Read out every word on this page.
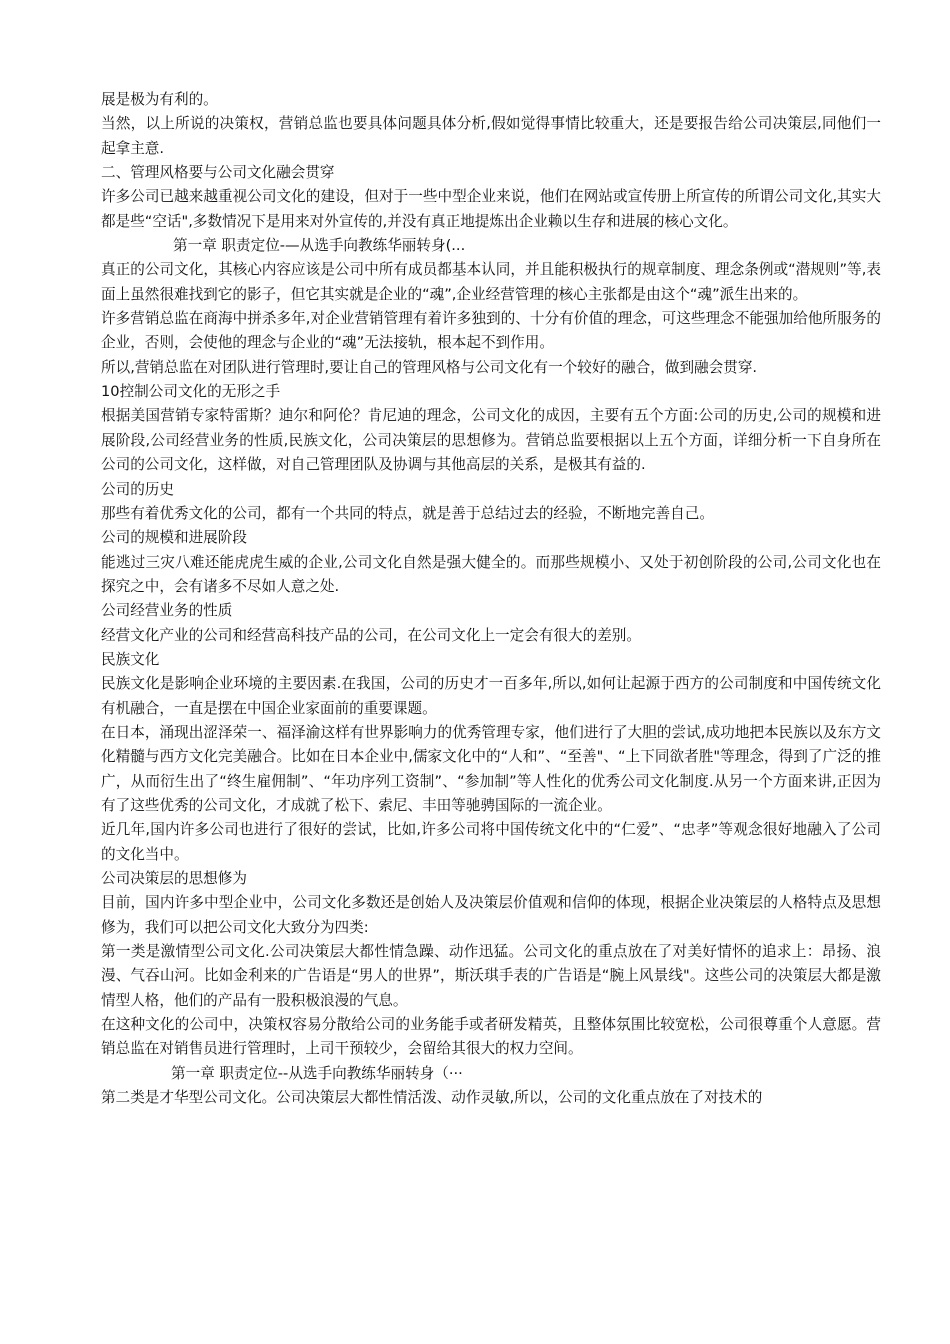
展是极为有利的。

当然，以上所说的决策权，营销总监也要具体问题具体分析,假如觉得事情比较重大，还是要报告给公司决策层,同他们一起拿主意.

二、管理风格要与公司文化融会贯穿

许多公司已越来越重视公司文化的建设，但对于一些中型企业来说，他们在网站或宣传册上所宣传的所谓公司文化,其实大都是些“空话",多数情况下是用来对外宣传的,并没有真正地提炼出企业赖以生存和进展的核心文化。

第一章 职责定位-—从选手向教练华丽转身(...

真正的公司文化，其核心内容应该是公司中所有成员都基本认同，并且能积极执行的规章制度、理念条例或“潜规则”等,表面上虽然很难找到它的影子，但它其实就是企业的“魂”,企业经营管理的核心主张都是由这个“魂”派生出来的。

许多营销总监在商海中拼杀多年,对企业营销管理有着许多独到的、十分有价值的理念，可这些理念不能强加给他所服务的企业，否则，会使他的理念与企业的“魂”无法接轨，根本起不到作用。

所以,营销总监在对团队进行管理时,要让自己的管理风格与公司文化有一个较好的融合，做到融会贯穿.

10控制公司文化的无形之手

根据美国营销专家特雷斯？迪尔和阿伦？肯尼迪的理念，公司文化的成因，主要有五个方面:公司的历史,公司的规模和进展阶段,公司经营业务的性质,民族文化，公司决策层的思想修为。营销总监要根据以上五个方面，详细分析一下自身所在公司的公司文化，这样做，对自己管理团队及协调与其他高层的关系，是极其有益的.

公司的历史

那些有着优秀文化的公司，都有一个共同的特点，就是善于总结过去的经验，不断地完善自己。

公司的规模和进展阶段

能逃过三灾八难还能虎虎生威的企业,公司文化自然是强大健全的。而那些规模小、又处于初创阶段的公司,公司文化也在探究之中，会有诸多不尽如人意之处.

公司经营业务的性质

经营文化产业的公司和经营高科技产品的公司，在公司文化上一定会有很大的差别。

民族文化

民族文化是影响企业环境的主要因素.在我国，公司的历史才一百多年,所以,如何让起源于西方的公司制度和中国传统文化有机融合，一直是摆在中国企业家面前的重要课题。

在日本，涌现出涩泽荣一、福泽渝这样有世界影响力的优秀管理专家，他们进行了大胆的尝试,成功地把本民族以及东方文化精髓与西方文化完美融合。比如在日本企业中,儒家文化中的“人和”、“至善"、“上下同欲者胜"等理念，得到了广泛的推广，从而衍生出了“终生雇佣制”、“年功序列工资制”、“参加制”等人性化的优秀公司文化制度.从另一个方面来讲,正因为有了这些优秀的公司文化，才成就了松下、索尼、丰田等驰骋国际的一流企业。

近几年,国内许多公司也进行了很好的尝试，比如,许多公司将中国传统文化中的“仁爱”、“忠孝”等观念很好地融入了公司的文化当中。

公司决策层的思想修为

目前，国内许多中型企业中，公司文化多数还是创始人及决策层价值观和信仰的体现，根据企业决策层的人格特点及思想修为，我们可以把公司文化大致分为四类:

第一类是激情型公司文化.公司决策层大都性情急躁、动作迅猛。公司文化的重点放在了对美好情怀的追求上：昂扬、浪漫、气吞山河。比如金利来的广告语是“男人的世界”，斯沃琪手表的广告语是“腕上风景线"。这些公司的决策层大都是激情型人格，他们的产品有一股积极浪漫的气息。

在这种文化的公司中，决策权容易分散给公司的业务能手或者研发精英，且整体氛围比较宽松，公司很尊重个人意愿。营销总监在对销售员进行管理时，上司干预较少，会留给其很大的权力空间。

第一章 职责定位--从选手向教练华丽转身（···

第二类是才华型公司文化。公司决策层大都性情活泼、动作灵敏,所以，公司的文化重点放在了对技术的
